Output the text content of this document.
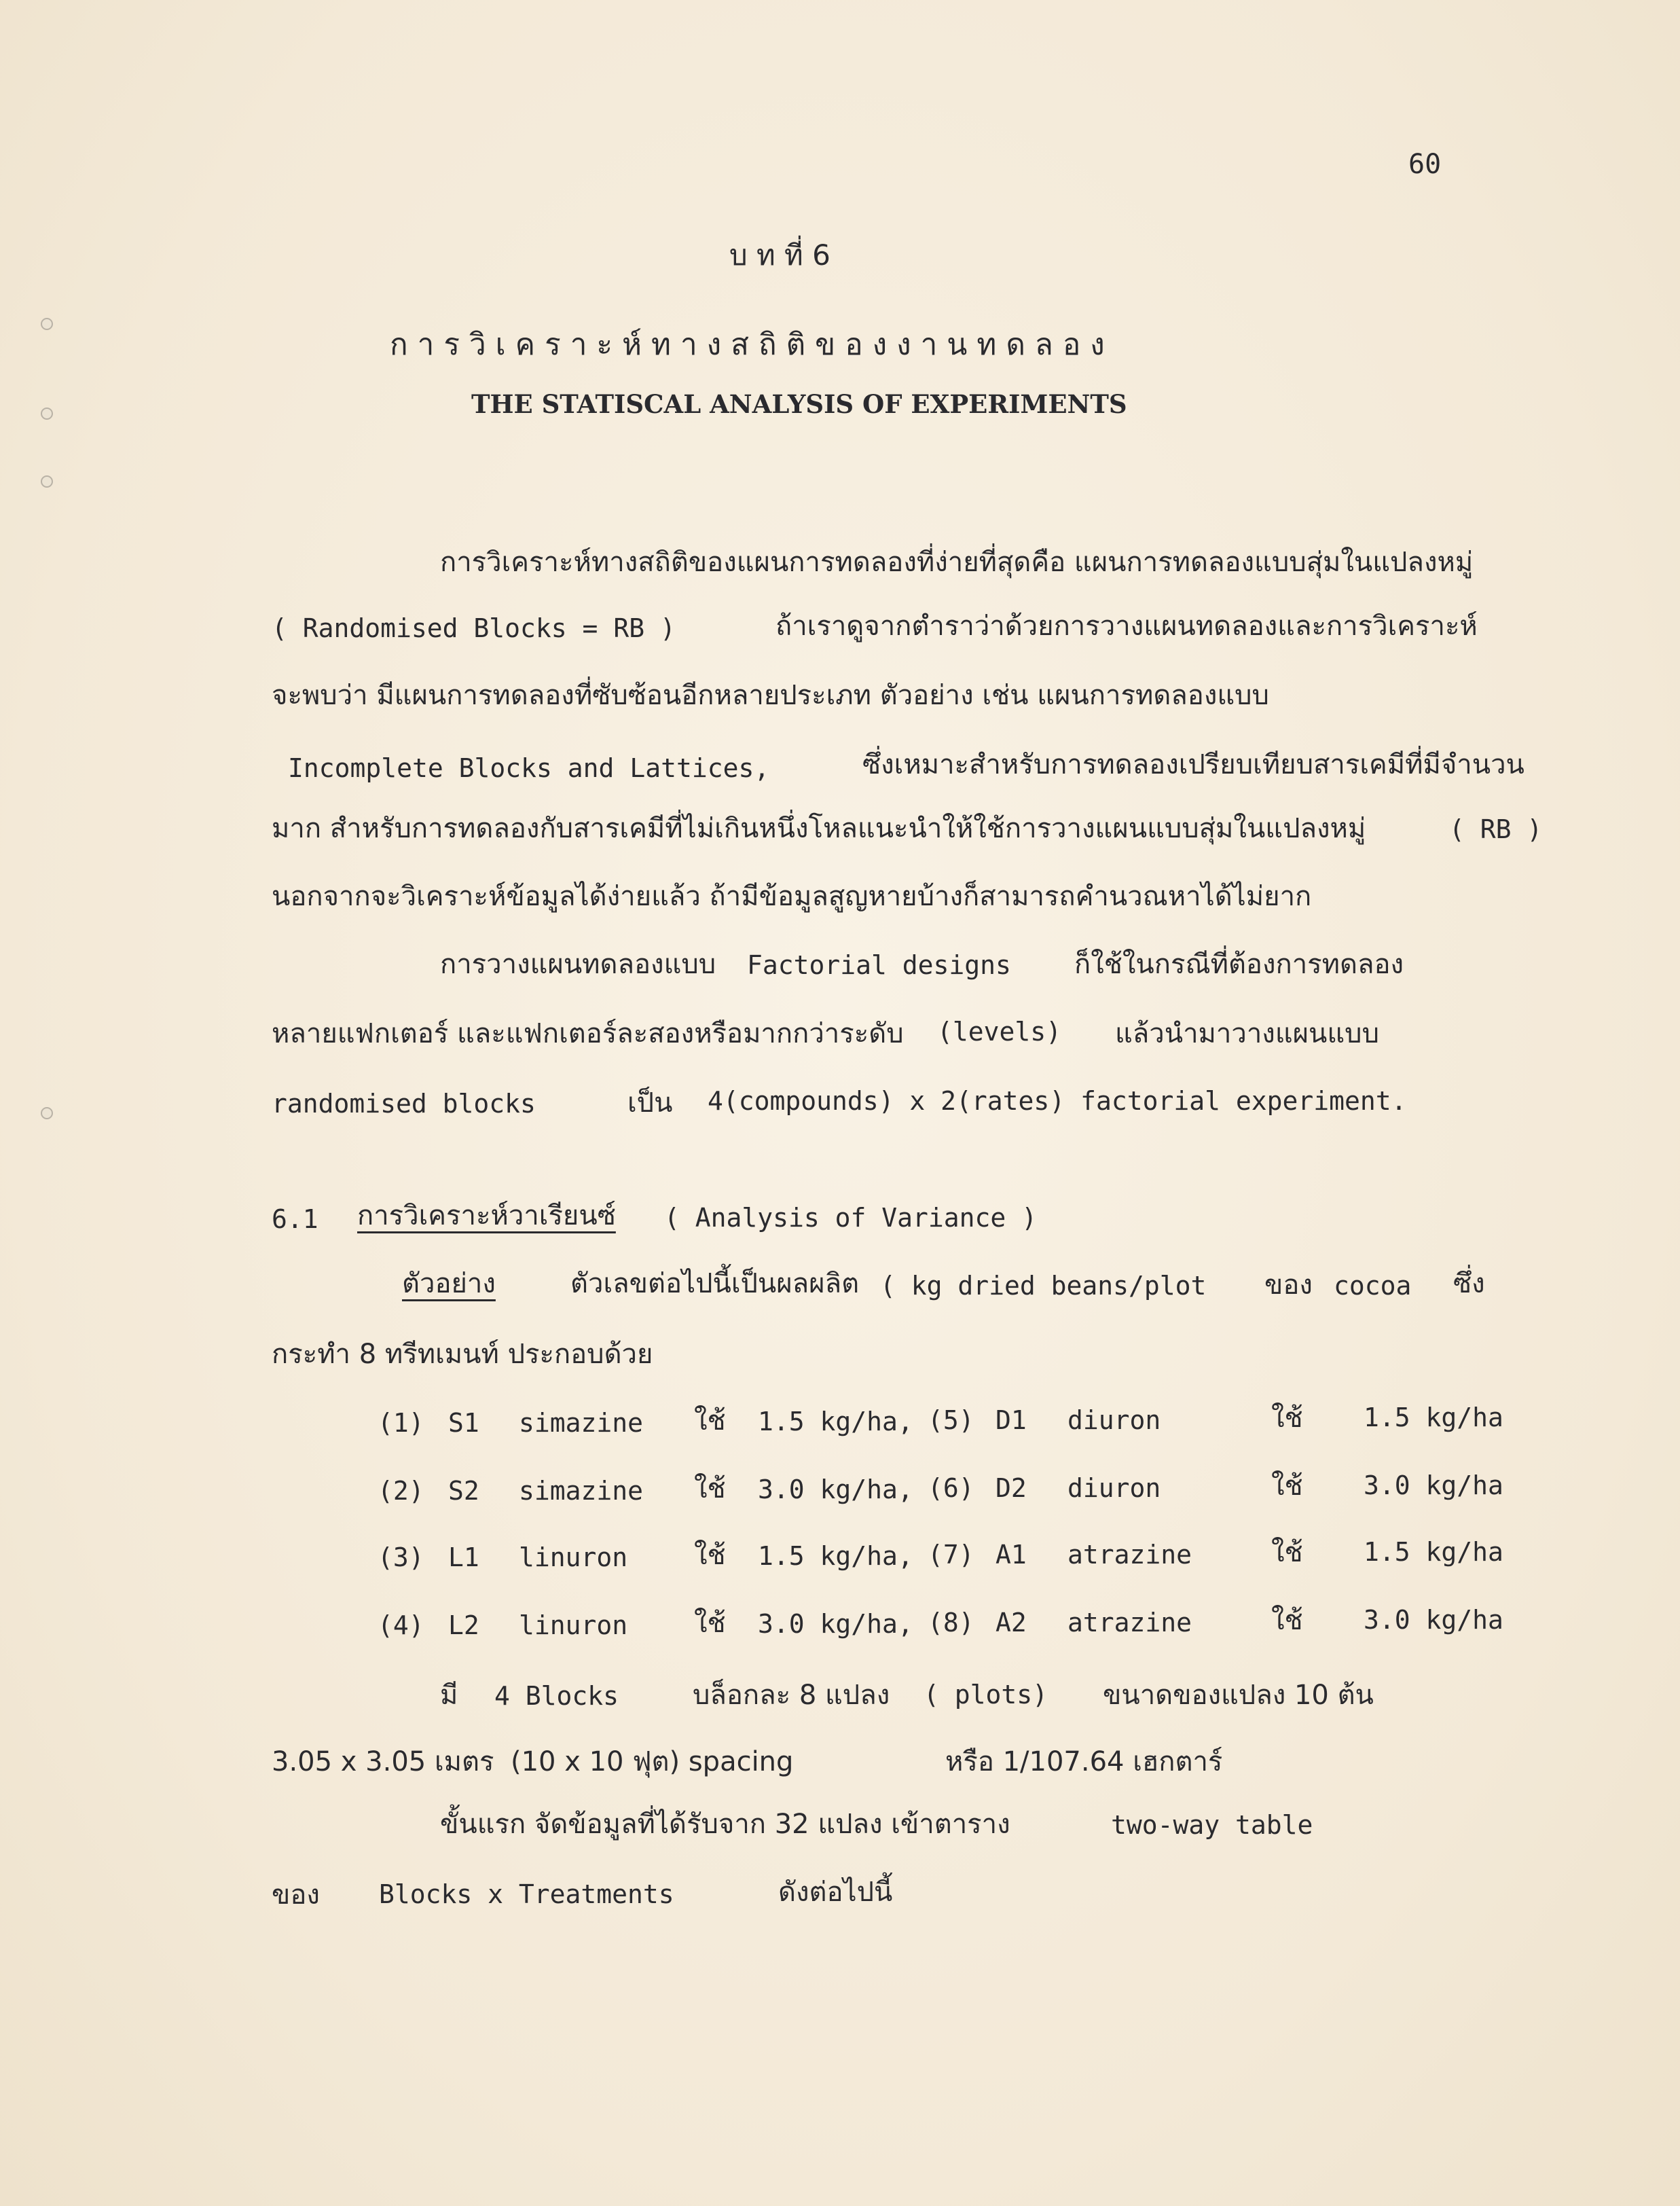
60
บ ท ที่ 6
ก า ร วิ เ ค ร า ะ ห์ ท า ง ส ถิ ติ ข อ ง ง า น ท ด ล อ ง
THE STATISCAL ANALYSIS OF EXPERIMENTS
การวิเคราะห์ทางสถิติของแผนการทดลองที่ง่ายที่สุดคือ แผนการทดลองแบบสุ่มในแปลงหมู่
( Randomised Blocks = RB )	ถ้าเราดูจากตำราว่าด้วยการวางแผนทดลองและการวิเคราะห์
จะพบว่า มีแผนการทดลองที่ซับซ้อนอีกหลายประเภท ตัวอย่าง เช่น แผนการทดลองแบบ
Incomplete Blocks and Lattices,	ซึ่งเหมาะสำหรับการทดลองเปรียบเทียบสารเคมีที่มีจำนวน
มาก สำหรับการทดลองกับสารเคมีที่ไม่เกินหนึ่งโหลแนะนำให้ใช้การวางแผนแบบสุ่มในแปลงหมู่	( RB )
นอกจากจะวิเคราะห์ข้อมูลได้ง่ายแล้ว ถ้ามีข้อมูลสูญหายบ้างก็สามารถคำนวณหาได้ไม่ยาก
การวางแผนทดลองแบบ Factorial designs ก็ใช้ในกรณีที่ต้องการทดลอง
หลายแฟกเตอร์ และแฟกเตอร์ละสองหรือมากกว่าระดับ (levels) แล้วนำมาวางแผนแบบ
randomised blocks	เป็น 4(compounds) x 2(rates) factorial experiment.
6.1 การวิเคราะห์วาเรียนซ์ ( Analysis of Variance )
ตัวอย่าง	ตัวเลขต่อไปนี้เป็นผลผลิต ( kg dried beans/plot ของ cocoa ซึ่ง
กระทำ 8 ทรีทเมนท์ ประกอบด้วย
(1) S1 simazine ใช้ 1.5 kg/ha,
(2) S2 simazine ใช้ 3.0 kg/ha,
(3) L1 linuron ใช้ 1.5 kg/ha,
(4) L2 linuron ใช้ 3.0 kg/ha,
(5) D1 diuron	ใช้ 1.5 kg/ha
(6) D2 diuron	ใช้ 3.0 kg/ha
(7) A1 atrazine	ใช้ 1.5 kg/ha
(8) A2 atrazine	ใช้ 3.0 kg/ha
มี 4 Blocks	บล็อกละ 8 แปลง ( plots) ขนาดของแปลง 10 ต้น
3.05 x 3.05 เมตร (10 x 10 ฟุต) spacing	หรือ 1/107.64 เฮกตาร์
ขั้นแรก จัดข้อมูลที่ได้รับจาก 32 แปลง เข้าตาราง	two-way table
ของ Blocks x Treatments	ดังต่อไปนี้
